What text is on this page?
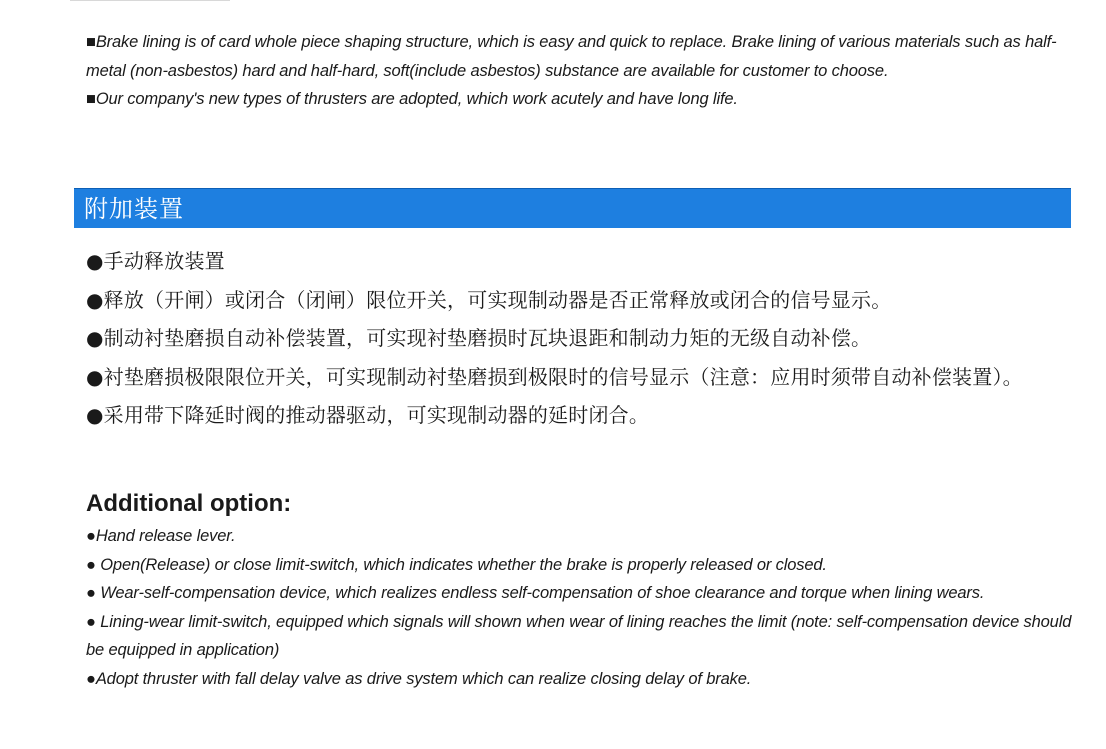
■Brake lining is of card whole piece shaping structure, which is easy and quick to replace. Brake lining of various materials such as half-metal (non-asbestos) hard and half-hard, soft(include asbestos) substance are available for customer to choose.

■Our company's new types of thrusters are adopted, which work acutely and have long life.

附加装置

●手动释放装置

●释放（开闸）或闭合（闭闸）限位开关，可实现制动器是否正常释放或闭合的信号显示。

●制动衬垫磨损自动补偿装置，可实现衬垫磨损时瓦块退距和制动力矩的无级自动补偿。

●衬垫磨损极限限位开关，可实现制动衬垫磨损到极限时的信号显示（注意：应用时须带自动补偿装置）。

●采用带下降延时阀的推动器驱动，可实现制动器的延时闭合。

Additional option:

●Hand release lever.

● Open(Release) or close limit-switch, which indicates whether the brake is properly released or closed.

● Wear-self-compensation device, which realizes endless self-compensation of shoe clearance and torque when lining wears.

● Lining-wear limit-switch, equipped which signals will shown when wear of lining reaches the limit (note: self-compensation device should be equipped in application)

●Adopt thruster with fall delay valve as drive system which can realize closing delay of brake.
